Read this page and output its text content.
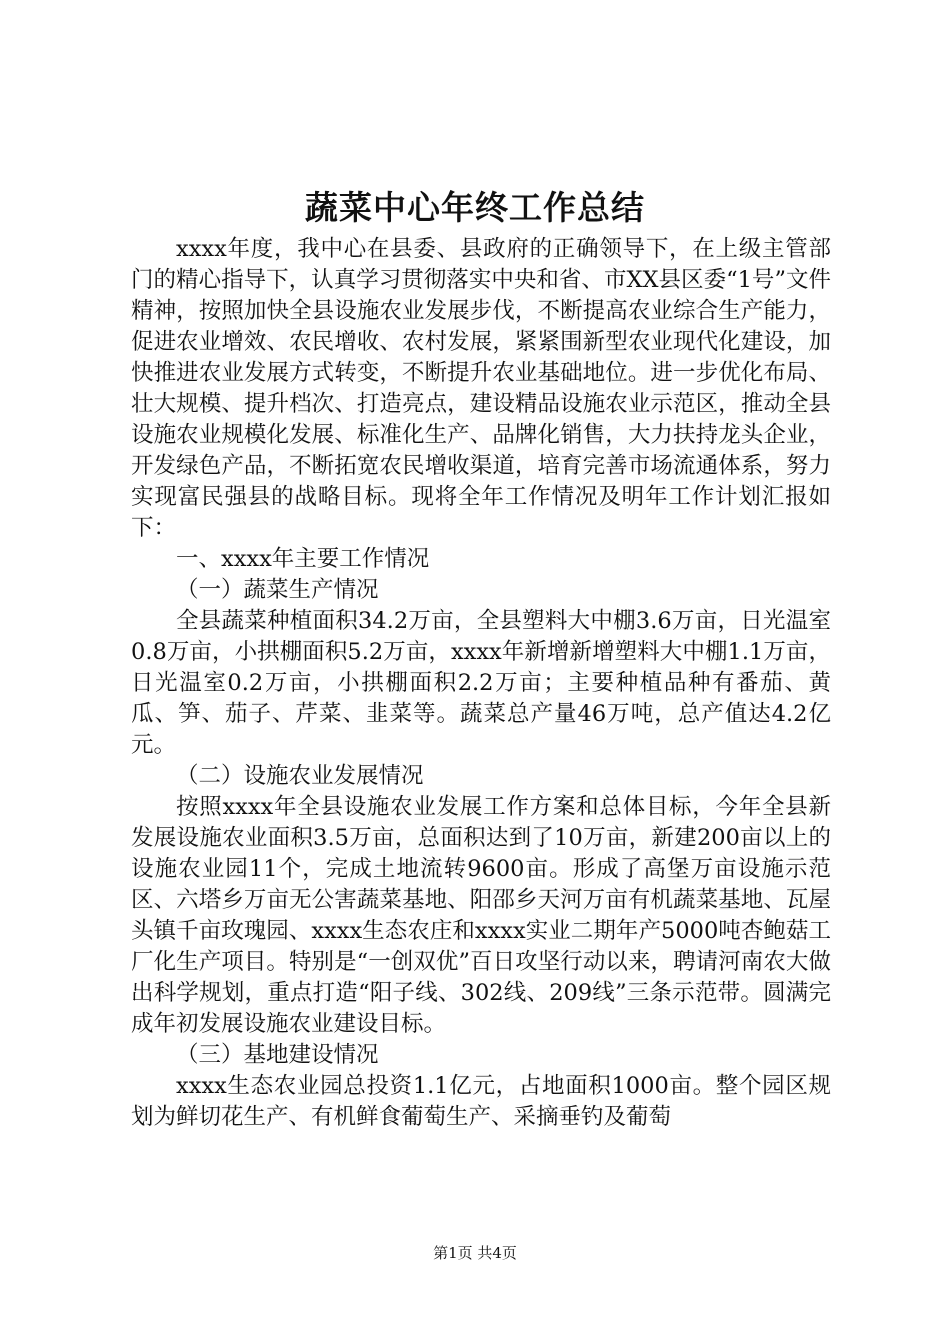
蔬菜中心年终工作总结

xxxx年度，我中心在县委、县政府的正确领导下，在上级主管部门的精心指导下，认真学习贯彻落实中央和省、市XX县区委“1号”文件精神，按照加快全县设施农业发展步伐，不断提高农业综合生产能力，促进农业增效、农民增收、农村发展，紧紧围新型农业现代化建设，加快推进农业发展方式转变，不断提升农业基础地位。进一步优化布局、壮大规模、提升档次、打造亮点，建设精品设施农业示范区，推动全县设施农业规模化发展、标准化生产、品牌化销售，大力扶持龙头企业，开发绿色产品，不断拓宽农民增收渠道，培育完善市场流通体系，努力实现富民强县的战略目标。现将全年工作情况及明年工作计划汇报如下：

一、xxxx年主要工作情况

（一）蔬菜生产情况

全县蔬菜种植面积34.2万亩，全县塑料大中棚3.6万亩，日光温室0.8万亩，小拱棚面积5.2万亩，xxxx年新增新增塑料大中棚1.1万亩，日光温室0.2万亩，小拱棚面积2.2万亩；主要种植品种有番茄、黄瓜、笋、茄子、芹菜、韭菜等。蔬菜总产量46万吨，总产值达4.2亿元。

（二）设施农业发展情况

按照xxxx年全县设施农业发展工作方案和总体目标，今年全县新发展设施农业面积3.5万亩，总面积达到了10万亩，新建200亩以上的设施农业园11个，完成土地流转9600亩。形成了高堡万亩设施示范区、六塔乡万亩无公害蔬菜基地、阳邵乡天河万亩有机蔬菜基地、瓦屋头镇千亩玫瑰园、xxxx生态农庄和xxxx实业二期年产5000吨杏鲍菇工厂化生产项目。特别是“一创双优”百日攻坚行动以来，聘请河南农大做出科学规划，重点打造“阳子线、302线、209线”三条示范带。圆满完成年初发展设施农业建设目标。

（三）基地建设情况

xxxx生态农业园总投资1.1亿元，占地面积1000亩。整个园区规划为鲜切花生产、有机鲜食葡萄生产、采摘垂钓及葡萄

第1页 共4页
